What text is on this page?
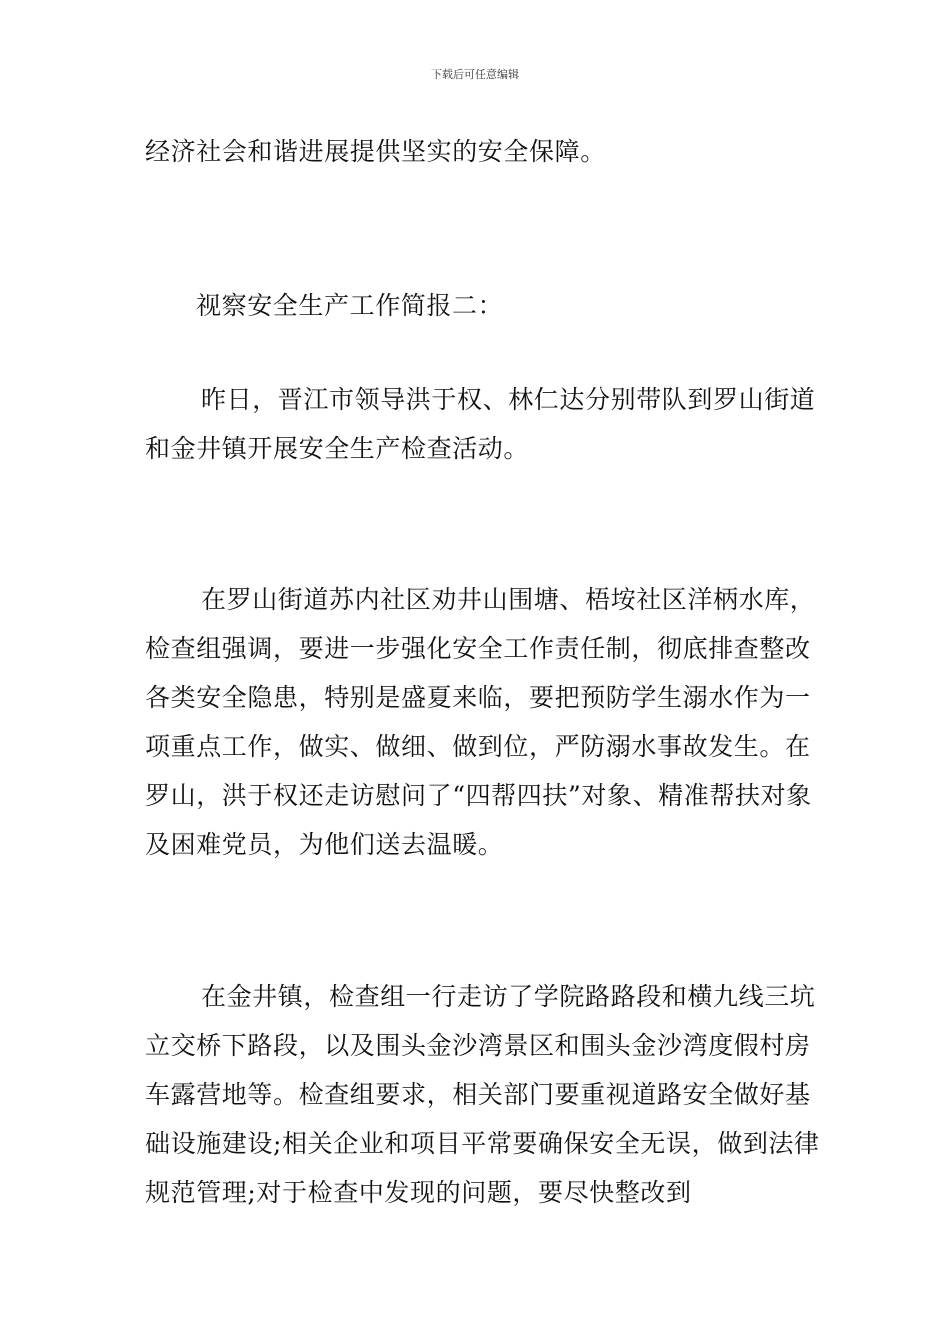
下载后可任意编辑

经济社会和谐进展提供坚实的安全保障。

视察安全生产工作简报二：

昨日，晋江市领导洪于权、林仁达分别带队到罗山街道和金井镇开展安全生产检查活动。

在罗山街道苏内社区劝井山围塘、梧垵社区洋柄水库，检查组强调，要进一步强化安全工作责任制，彻底排查整改各类安全隐患，特别是盛夏来临，要把预防学生溺水作为一项重点工作，做实、做细、做到位，严防溺水事故发生。在罗山，洪于权还走访慰问了“四帮四扶”对象、精准帮扶对象及困难党员，为他们送去温暖。

在金井镇，检查组一行走访了学院路路段和横九线三坑立交桥下路段，以及围头金沙湾景区和围头金沙湾度假村房车露营地等。检查组要求，相关部门要重视道路安全做好基础设施建设;相关企业和项目平常要确保安全无误，做到法律规范管理;对于检查中发现的问题，要尽快整改到
